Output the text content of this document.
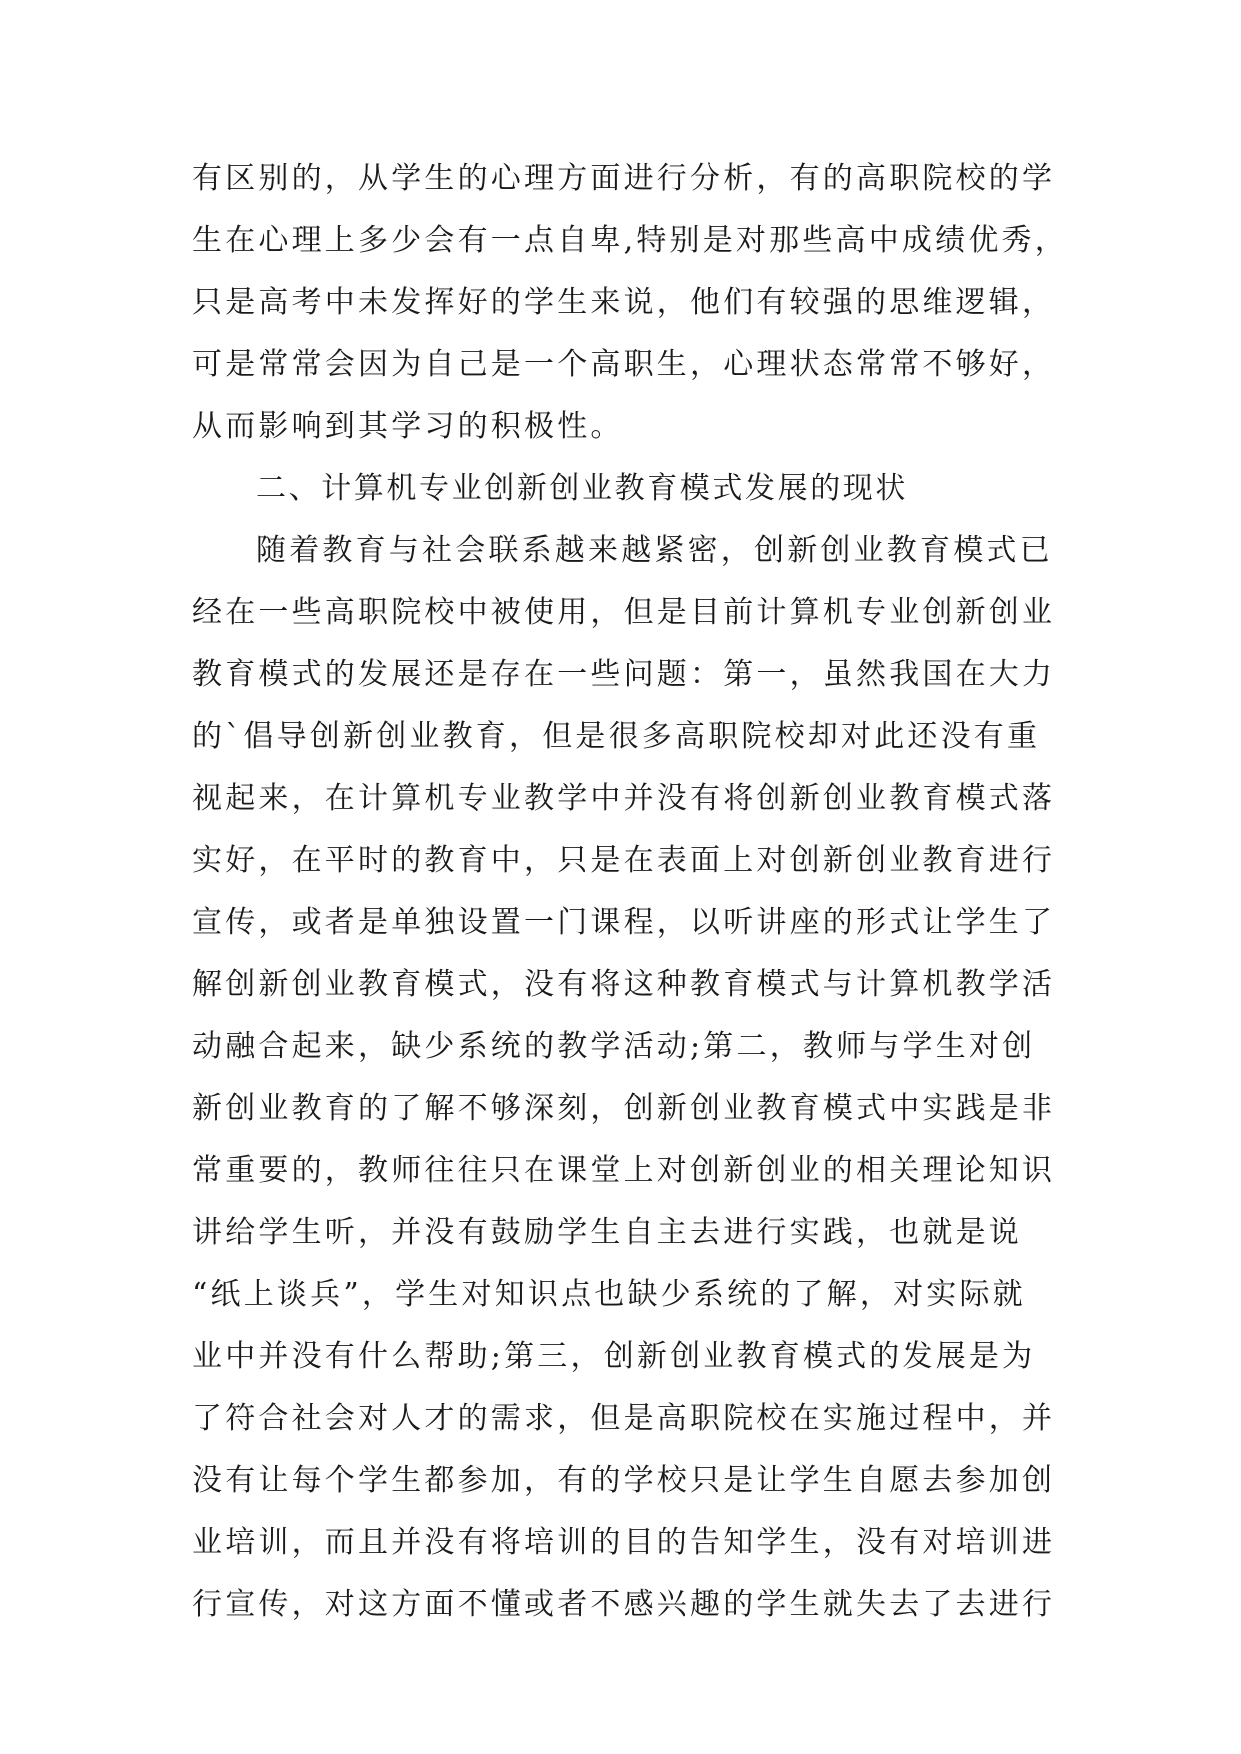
有区别的，从学生的心理方面进行分析，有的高职院校的学
生在心理上多少会有一点自卑,特别是对那些高中成绩优秀，
只是高考中未发挥好的学生来说，他们有较强的思维逻辑，
可是常常会因为自己是一个高职生，心理状态常常不够好，
从而影响到其学习的积极性。
二、计算机专业创新创业教育模式发展的现状
随着教育与社会联系越来越紧密，创新创业教育模式已
经在一些高职院校中被使用，但是目前计算机专业创新创业
教育模式的发展还是存在一些问题：第一，虽然我国在大力
的`倡导创新创业教育，但是很多高职院校却对此还没有重
视起来，在计算机专业教学中并没有将创新创业教育模式落
实好，在平时的教育中，只是在表面上对创新创业教育进行
宣传，或者是单独设置一门课程，以听讲座的形式让学生了
解创新创业教育模式，没有将这种教育模式与计算机教学活
动融合起来，缺少系统的教学活动;第二，教师与学生对创
新创业教育的了解不够深刻，创新创业教育模式中实践是非
常重要的，教师往往只在课堂上对创新创业的相关理论知识
讲给学生听，并没有鼓励学生自主去进行实践，也就是说
“纸上谈兵”，学生对知识点也缺少系统的了解，对实际就
业中并没有什么帮助;第三，创新创业教育模式的发展是为
了符合社会对人才的需求，但是高职院校在实施过程中，并
没有让每个学生都参加，有的学校只是让学生自愿去参加创
业培训，而且并没有将培训的目的告知学生，没有对培训进
行宣传，对这方面不懂或者不感兴趣的学生就失去了去进行
